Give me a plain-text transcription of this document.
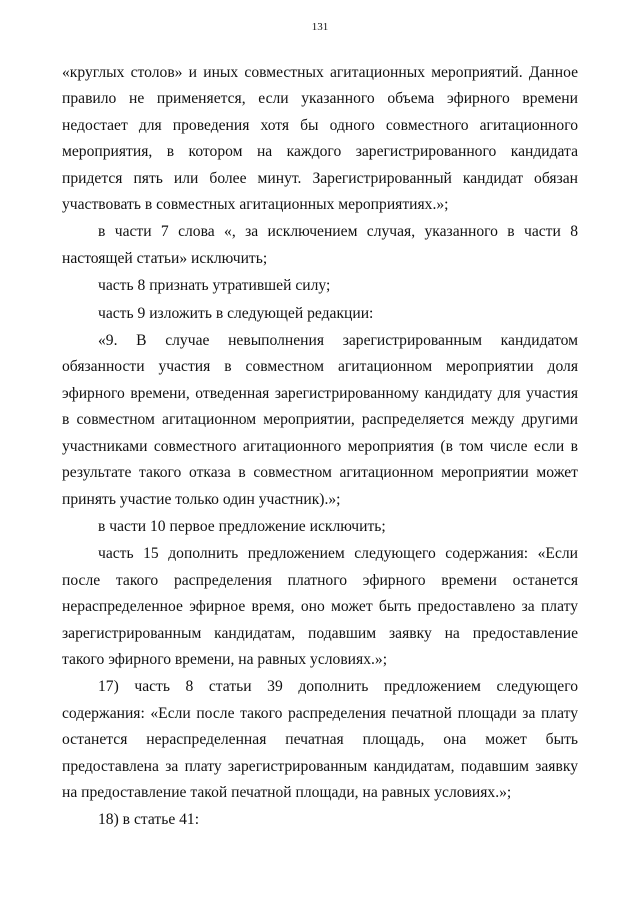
131

«круглых столов» и иных совместных агитационных мероприятий. Данное правило не применяется, если указанного объема эфирного времени недостает для проведения хотя бы одного совместного агитационного мероприятия, в котором на каждого зарегистрированного кандидата придется пять или более минут. Зарегистрированный кандидат обязан участвовать в совместных агитационных мероприятиях.»;

в части 7 слова «, за исключением случая, указанного в части 8 настоящей статьи» исключить;

часть 8 признать утратившей силу;

часть 9 изложить в следующей редакции:

«9. В случае невыполнения зарегистрированным кандидатом обязанности участия в совместном агитационном мероприятии доля эфирного времени, отведенная зарегистрированному кандидату для участия в совместном агитационном мероприятии, распределяется между другими участниками совместного агитационного мероприятия (в том числе если в результате такого отказа в совместном агитационном мероприятии может принять участие только один участник).»;

в части 10 первое предложение исключить;

часть 15 дополнить предложением следующего содержания: «Если после такого распределения платного эфирного времени останется нераспределенное эфирное время, оно может быть предоставлено за плату зарегистрированным кандидатам, подавшим заявку на предоставление такого эфирного времени, на равных условиях.»;

17) часть 8 статьи 39 дополнить предложением следующего содержания: «Если после такого распределения печатной площади за плату останется нераспределенная печатная площадь, она может быть предоставлена за плату зарегистрированным кандидатам, подавшим заявку на предоставление такой печатной площади, на равных условиях.»;

18) в статье 41:
